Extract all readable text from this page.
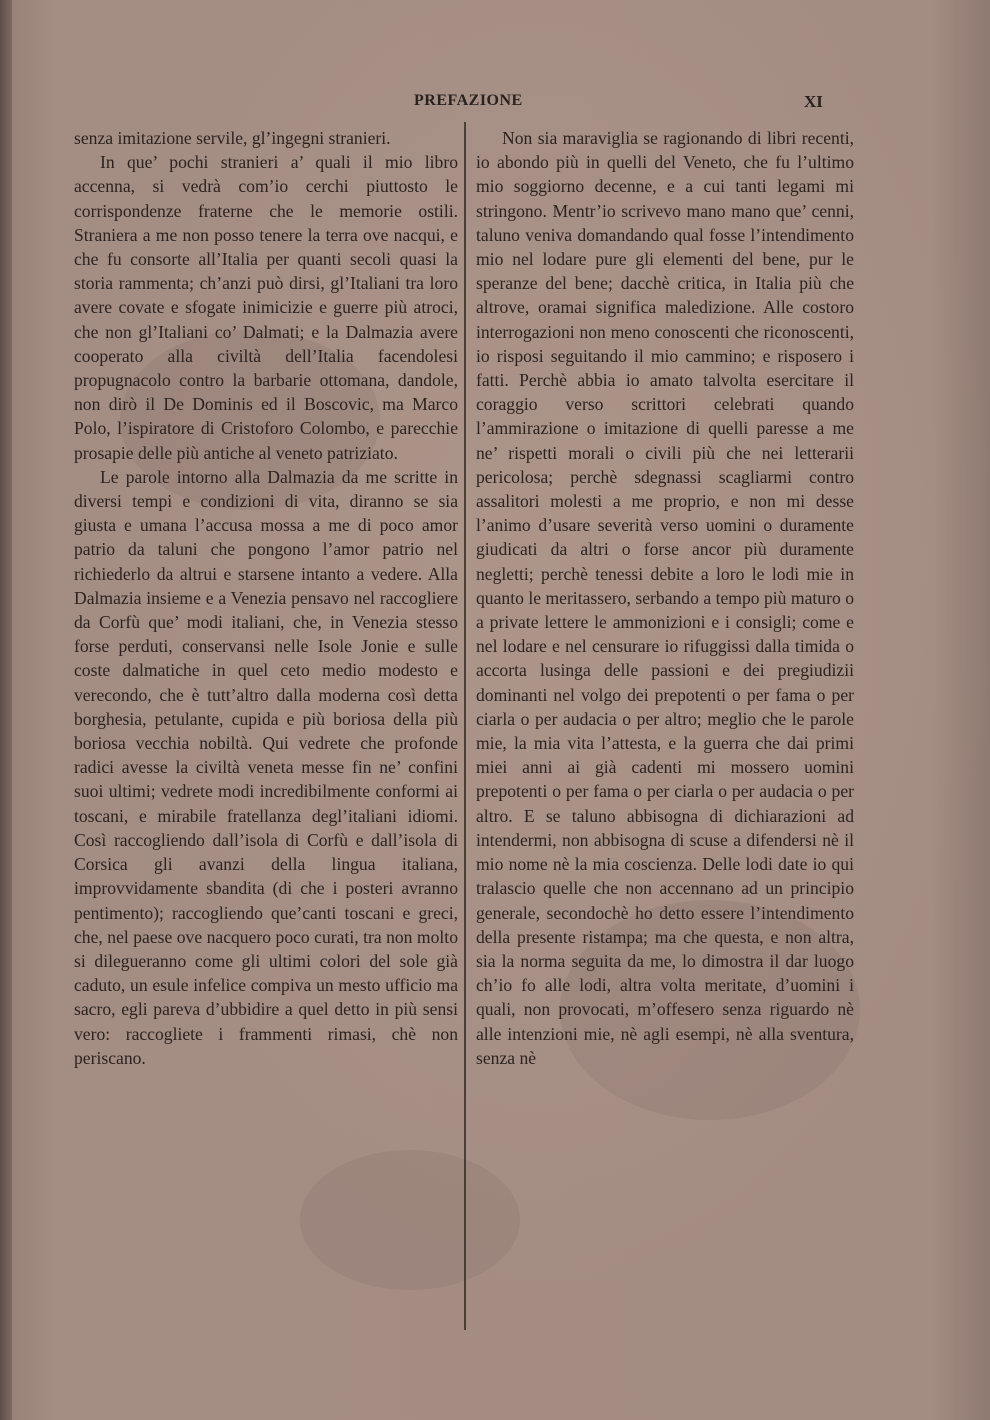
PREFAZIONE	XI

senza imitazione servile, gl’ingegni stranieri.

In que’ pochi stranieri a’ quali il mio libro accenna, si vedrà com’io cerchi piuttosto le corrispondenze fraterne che le memorie ostili. Straniera a me non posso tenere la terra ove nacqui, e che fu consorte all’Italia per quanti secoli quasi la storia rammenta; ch’anzi può dirsi, gl’Italiani tra loro avere covate e sfogate inimicizie e guerre più atroci, che non gl’Italiani co’ Dalmati; e la Dalmazia avere cooperato alla civiltà dell’Italia facendolesi propugnacolo contro la barbarie ottomana, dandole, non dirò il De Dominis ed il Boscovic, ma Marco Polo, l’ispiratore di Cristoforo Colombo, e parecchie prosapie delle più antiche al veneto patriziato.

Le parole intorno alla Dalmazia da me scritte in diversi tempi e condizioni di vita, diranno se sia giusta e umana l’accusa mossa a me di poco amor patrio da taluni che pongono l’amor patrio nel richiederlo da altrui e starsene intanto a vedere. Alla Dalmazia insieme e a Venezia pensavo nel raccogliere da Corfù que’ modi italiani, che, in Venezia stesso forse perduti, conservansi nelle Isole Jonie e sulle coste dalmatiche in quel ceto medio modesto e verecondo, che è tutt’altro dalla moderna così detta borghesia, petulante, cupida e più boriosa della più boriosa vecchia nobiltà. Qui vedrete che profonde radici avesse la civiltà veneta messe fin ne’ confini suoi ultimi; vedrete modi incredibilmente conformi ai toscani, e mirabile fratellanza degl’italiani idiomi. Così raccogliendo dall’isola di Corfù e dall’isola di Corsica gli avanzi della lingua italiana, improvvidamente sbandita (di che i posteri avranno pentimento); raccogliendo que’canti toscani e greci, che, nel paese ove nacquero poco curati, tra non molto si dilegueranno come gli ultimi colori del sole già caduto, un esule infelice compiva un mesto ufficio ma sacro, egli pareva d’ubbidire a quel detto in più sensi vero: raccogliete i frammenti rimasi, chè non periscano.

Non sia maraviglia se ragionando di libri recenti, io abondo più in quelli del Veneto, che fu l’ultimo mio soggiorno decenne, e a cui tanti legami mi stringono. Mentr’io scrivevo mano mano que’ cenni, taluno veniva domandando qual fosse l’intendimento mio nel lodare pure gli elementi del bene, pur le speranze del bene; dacchè critica, in Italia più che altrove, oramai significa maledizione. Alle costoro interrogazioni non meno conoscenti che riconoscenti, io risposi seguitando il mio cammino; e risposero i fatti. Perchè abbia io amato talvolta esercitare il coraggio verso scrittori celebrati quando l’ammirazione o imitazione di quelli paresse a me ne’ rispetti morali o civili più che nei letterarii pericolosa; perchè sdegnassi scagliarmi contro assalitori molesti a me proprio, e non mi desse l’animo d’usare severità verso uomini o duramente giudicati da altri o forse ancor più duramente negletti; perchè tenessi debite a loro le lodi mie in quanto le meritassero, serbando a tempo più maturo o a private lettere le ammonizioni e i consigli; come e nel lodare e nel censurare io rifuggissi dalla timida o accorta lusinga delle passioni e dei pregiudizii dominanti nel volgo dei prepotenti o per fama o per ciarla o per audacia o per altro; meglio che le parole mie, la mia vita l’attesta, e la guerra che dai primi miei anni ai già cadenti mi mossero uomini prepotenti o per fama o per ciarla o per audacia o per altro. E se taluno abbisogna di dichiarazioni ad intendermi, non abbisogna di scuse a difendersi nè il mio nome nè la mia coscienza. Delle lodi date io qui tralascio quelle che non accennano ad un principio generale, secondochè ho detto essere l’intendimento della presente ristampa; ma che questa, e non altra, sia la norma seguita da me, lo dimostra il dar luogo ch’io fo alle lodi, altra volta meritate, d’uomini i quali, non provocati, m’offesero senza riguardo nè alle intenzioni mie, nè agli esempi, nè alla sventura, senza nè
